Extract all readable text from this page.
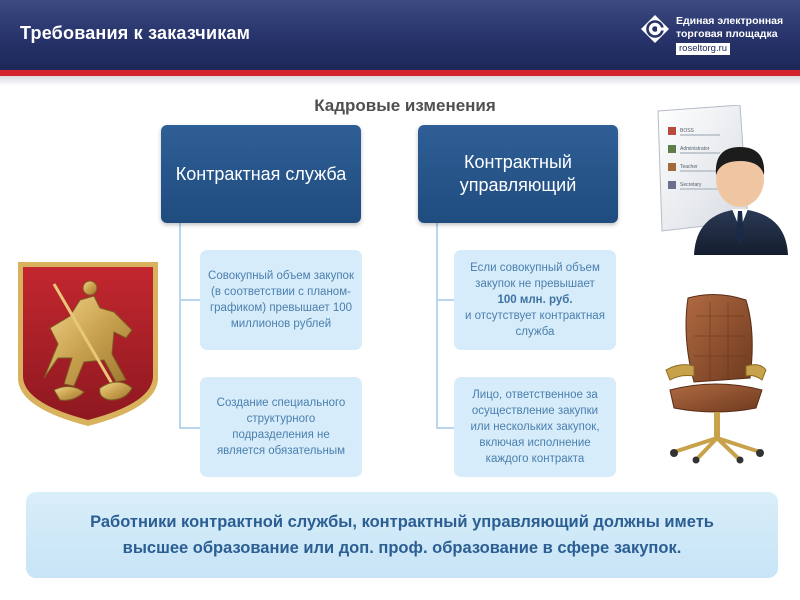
Требования к заказчикам
Единая электронная
торговая площадка
roseltorg.ru
Кадровые изменения
Контрактная служба
Контрактный управляющий
Совокупный объем закупок (в соответствии с планом-графиком) превышает 100 миллионов рублей
Создание специального структурного подразделения не является обязательным
Если совокупный объем закупок не превышает
100 млн. руб.
и отсутствует контрактная служба
Лицо, ответственное за осуществление закупки или нескольких закупок, включая исполнение каждого контракта
BOSS
Administrator
Teacher
Secretary
Работники контрактной службы, контрактный управляющий должны иметь высшее образование или доп. проф. образование в сфере закупок.
